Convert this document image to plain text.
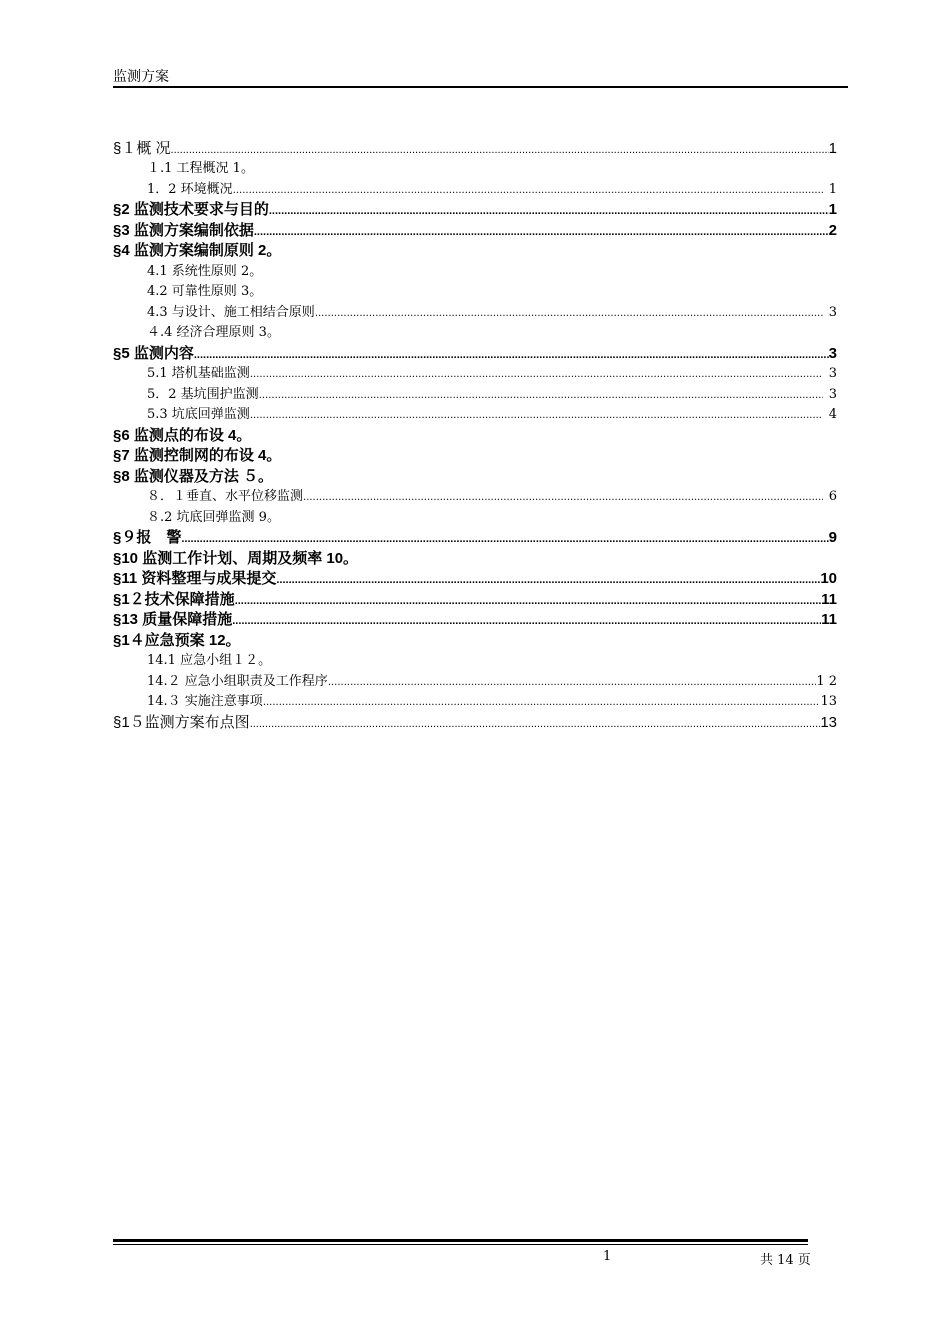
监测方案
§１概 况 .....	1
１.1 工程概况 1。
1．2 环境概况 .....	1
§2 监测技术要求与目的 .....	1
§3 监测方案编制依据 .....	2
§4 监测方案编制原则 2。
4.1 系统性原则 2。
4.2 可靠性原则 3。
4.3 与设计、施工相结合原则 .....	3
４.4 经济合理原则 3。
§5 监测内容 .....	3
5.1 塔机基础监测 .....	3
5．2 基坑围护监测 .....	3
5.3 坑底回弹监测 .....	4
§6 监测点的布设 4。
§7 监测控制网的布设 4。
§8 监测仪器及方法 ５。
８．１垂直、水平位移监测 .....	6
８.2 坑底回弹监测 9。
§９报　警 .....	9
§10 监测工作计划、周期及频率 10。
§11 资料整理与成果提交 .....	10
§1２技术保障措施 .....	11
§13 质量保障措施 .....	11
§1４应急预案 12。
14.1 应急小组１２。
14.２ 应急小组职责及工作程序 .....	1 2
14.３ 实施注意事项 .....	13
§1５监测方案布点图 .....	13
1	共 14 页
